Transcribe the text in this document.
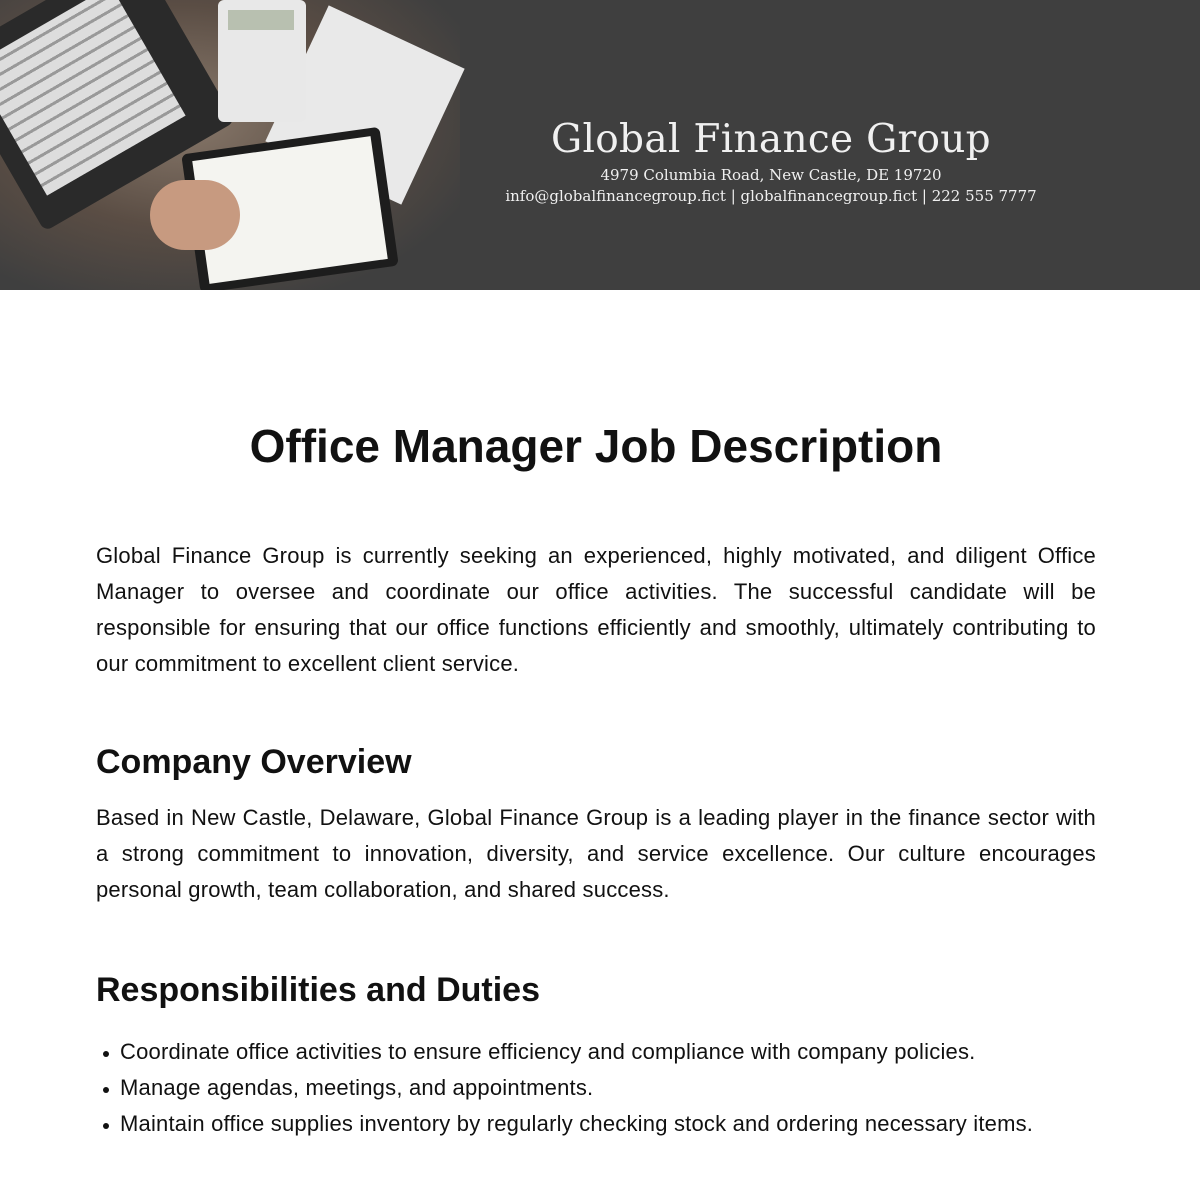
Global Finance Group
4979 Columbia Road, New Castle, DE 19720
info@globalfinancegroup.fict | globalfinancegroup.fict | 222 555 7777
Office Manager Job Description

Global Finance Group is currently seeking an experienced, highly motivated, and diligent Office Manager to oversee and coordinate our office activities. The successful candidate will be responsible for ensuring that our office functions efficiently and smoothly, ultimately contributing to our commitment to excellent client service.

Company Overview

Based in New Castle, Delaware, Global Finance Group is a leading player in the finance sector with a strong commitment to innovation, diversity, and service excellence. Our culture encourages personal growth, team collaboration, and shared success.

Responsibilities and Duties
Coordinate office activities to ensure efficiency and compliance with company policies.
Manage agendas, meetings, and appointments.
Maintain office supplies inventory by regularly checking stock and ordering necessary items.
